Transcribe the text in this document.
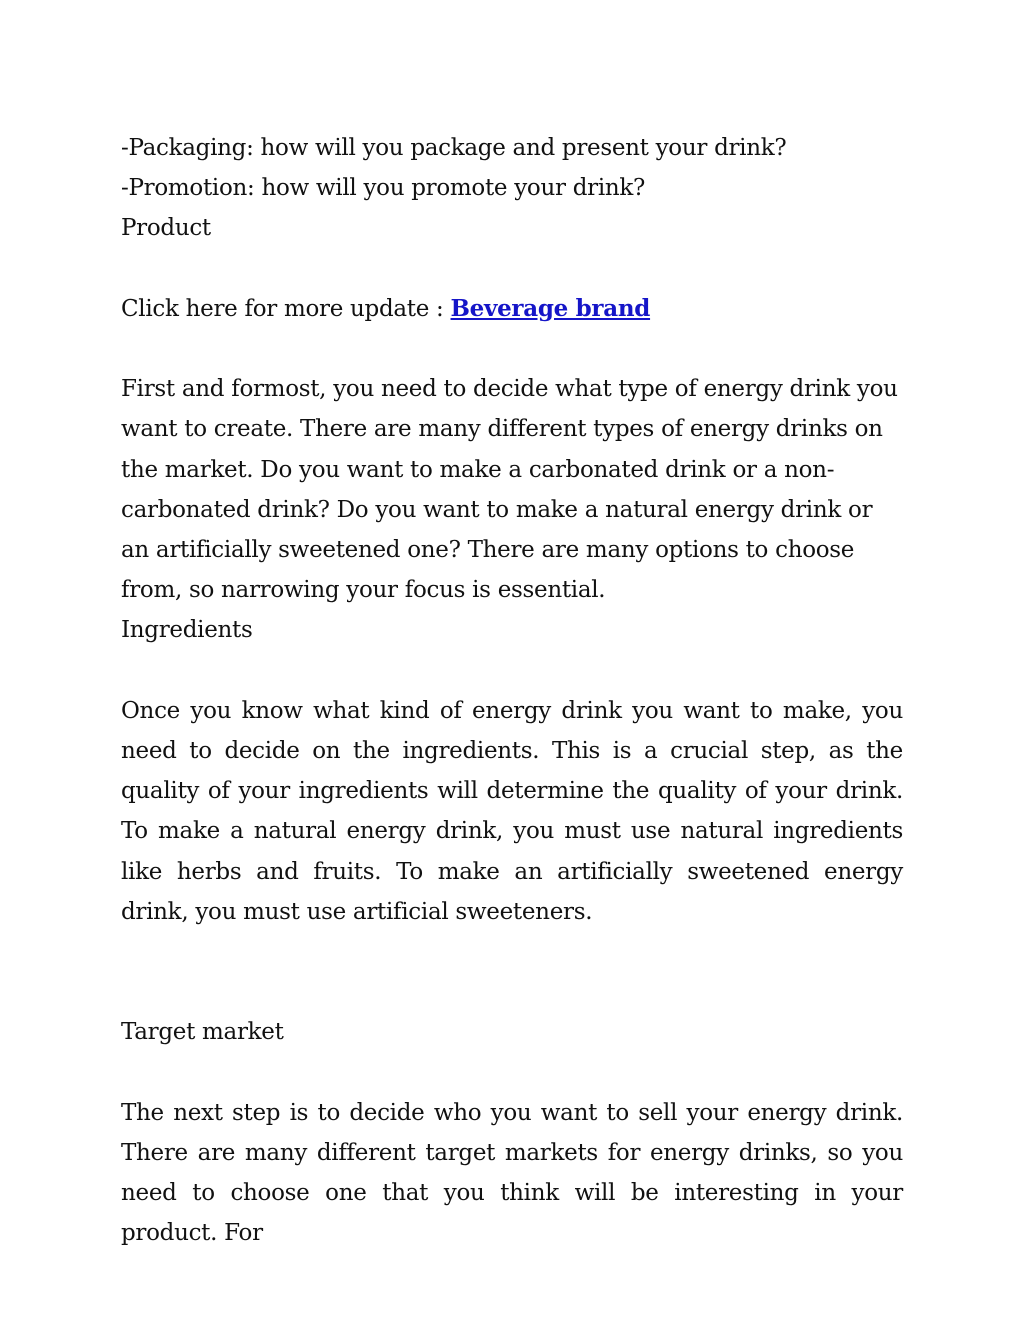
-Packaging: how will you package and present your drink?
-Promotion: how will you promote your drink?
Product
Click here for more update : Beverage brand
First and formost, you need to decide what type of energy drink you want to create. There are many different types of energy drinks on the market. Do you want to make a carbonated drink or a non-carbonated drink? Do you want to make a natural energy drink or an artificially sweetened one? There are many options to choose from, so narrowing your focus is essential.
Ingredients
Once you know what kind of energy drink you want to make, you need to decide on the ingredients. This is a crucial step, as the quality of your ingredients will determine the quality of your drink. To make a natural energy drink, you must use natural ingredients like herbs and fruits. To make an artificially sweetened energy drink, you must use artificial sweeteners.
Target market
The next step is to decide who you want to sell your energy drink. There are many different target markets for energy drinks, so you need to choose one that you think will be interesting in your product. For
